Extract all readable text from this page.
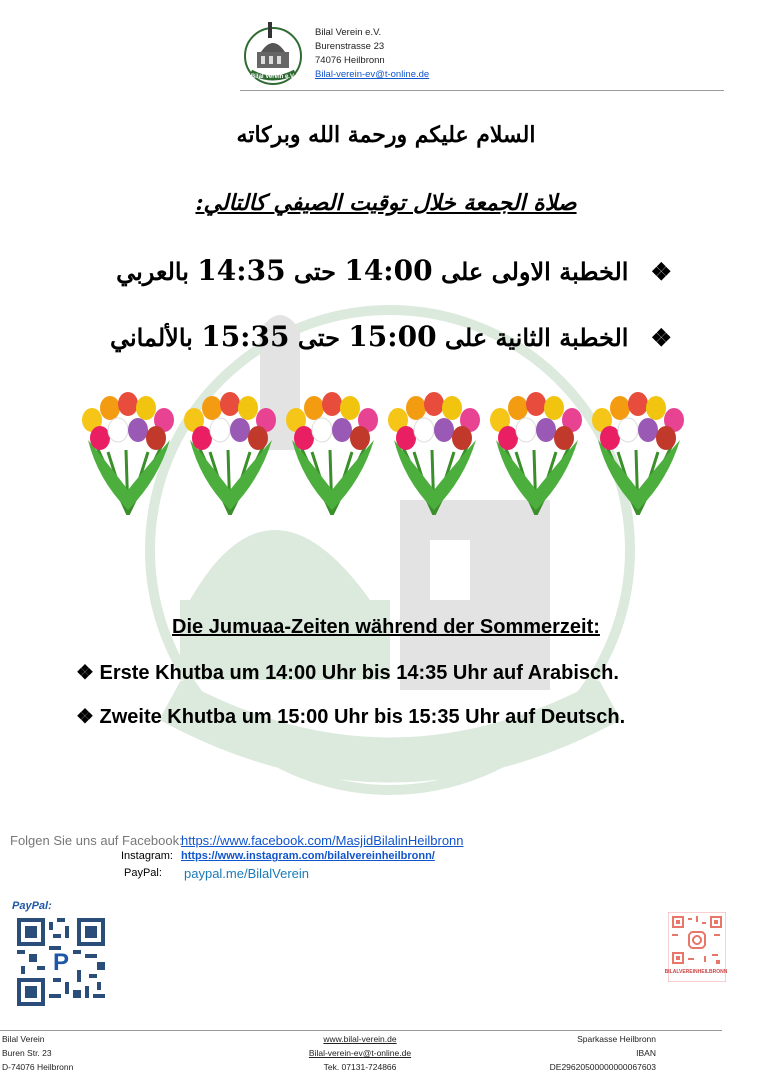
Bilal Verein e.V.
Bilal Verein e.V.
Burenstrasse 23
74076 Heilbronn
Bilal-verein-ev@t-online.de
السلام عليكم ورحمة الله وبركاته
صلاة الجمعة خلال توقيت الصيفي كالتالي:
❖الخطبة الاولى على 14:00 حتى 14:35 بالعربي
❖الخطبة الثانية على 15:00 حتى 15:35 بالألماني
Die Jumuaa-Zeiten während der Sommerzeit:
❖ Erste Khutba um 14:00 Uhr bis 14:35 Uhr auf Arabisch.
❖ Zweite Khutba um 15:00 Uhr bis 15:35 Uhr auf Deutsch.
Folgen Sie uns auf Facebook:
https://www.facebook.com/MasjidBilalinHeilbronn
Instagram: https://www.instagram.com/bilalvereinheilbronn/
PayPal: paypal.me/BilalVerein
PayPal:
P	BILALVEREINHEILBRONN
Bilal Verein
Buren Str. 23
D-74076 Heilbronn
www.bilal-verein.de
Bilal-verein-ev@t-online.de
Tek. 07131-724866
Sparkasse Heilbronn
IBAN
DE29620500000000067603
